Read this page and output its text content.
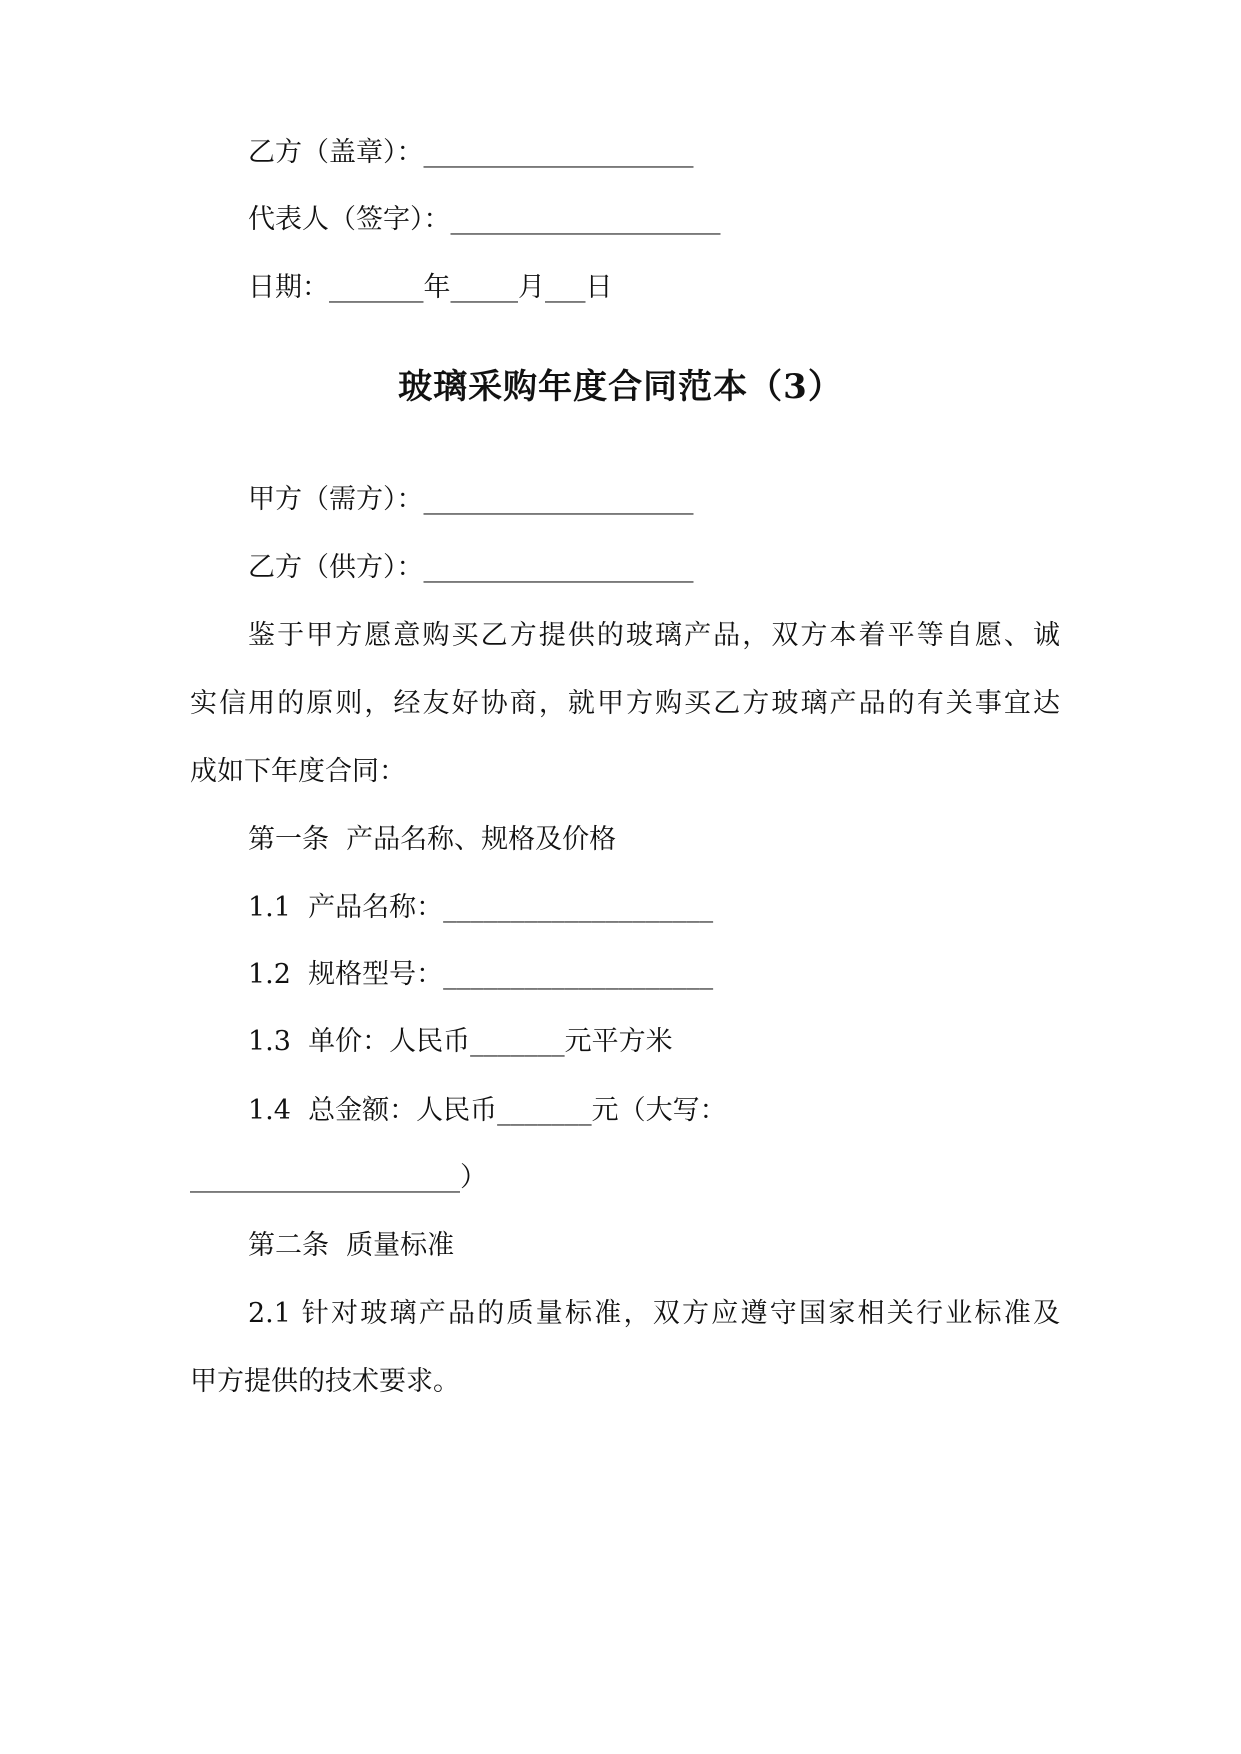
乙方（盖章）：____________________
代表人（签字）：____________________
日期：_______年_____月___日
玻璃采购年度合同范本（3）
甲方（需方）：____________________
乙方（供方）：____________________
鉴于甲方愿意购买乙方提供的玻璃产品，双方本着平等自愿、诚
实信用的原则，经友好协商，就甲方购买乙方玻璃产品的有关事宜达
成如下年度合同：
第一条  产品名称、规格及价格
1.1  产品名称：____________________
1.2  规格型号：____________________
1.3  单价：人民币_______元平方米
1.4  总金额：人民币_______元（大写：
____________________）
第二条  质量标准
2.1 针对玻璃产品的质量标准，双方应遵守国家相关行业标准及
甲方提供的技术要求。
